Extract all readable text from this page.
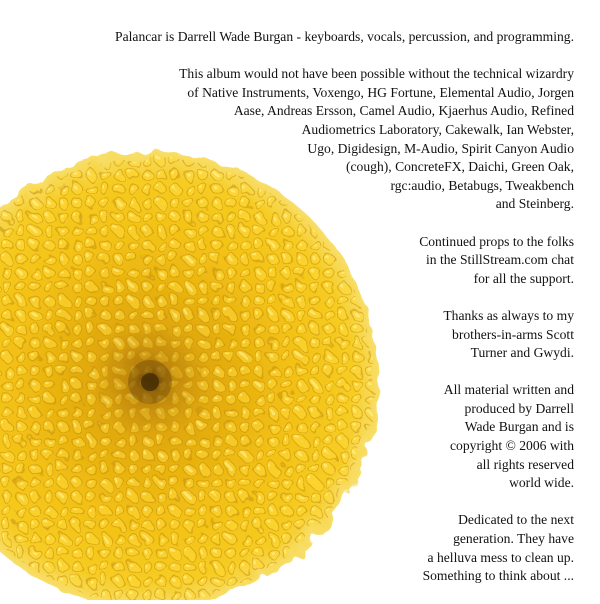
Palancar is Darrell Wade Burgan - keyboards, vocals, percussion, and programming.
This album would not have been possible without the technical wizardry
of Native Instruments, Voxengo, HG Fortune, Elemental Audio, Jorgen
Aase, Andreas Ersson, Camel Audio, Kjaerhus Audio, Refined
Audiometrics Laboratory, Cakewalk, Ian Webster,
Ugo, Digidesign, M-Audio, Spirit Canyon Audio
(cough), ConcreteFX, Daichi, Green Oak,
rgc:audio, Betabugs, Tweakbench
and Steinberg.
Continued props to the folks
in the StillStream.com chat
for all the support.
Thanks as always to my
brothers-in-arms Scott
Turner and Gwydi.
All material written and
produced by Darrell
Wade Burgan and is
copyright © 2006 with
all rights reserved
world wide.
Dedicated to the next
generation. They have
a helluva mess to clean up.
Something to think about ...
